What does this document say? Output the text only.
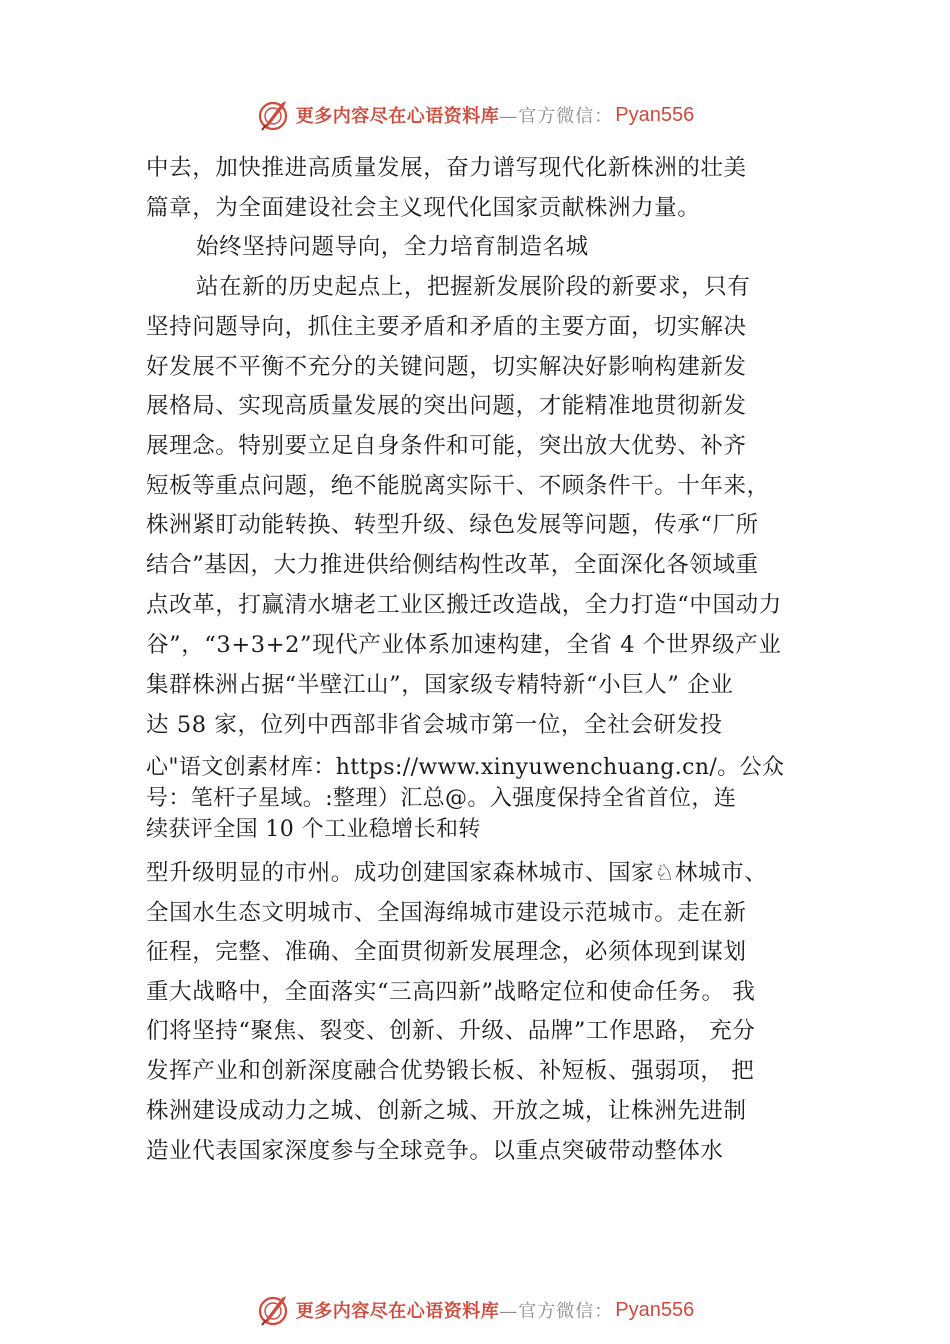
更多内容尽在心语资料库 —官方微信： Pyan556
中去，加快推进高质量发展，奋力谱写现代化新株洲的壮美
篇章，为全面建设社会主义现代化国家贡献株洲力量。
始终坚持问题导向，全力培育制造名城
站在新的历史起点上，把握新发展阶段的新要求，只有
坚持问题导向，抓住主要矛盾和矛盾的主要方面，切实解决
好发展不平衡不充分的关键问题，切实解决好影响构建新发
展格局、实现高质量发展的突出问题，才能精准地贯彻新发
展理念。特别要立足自身条件和可能，突出放大优势、补齐
短板等重点问题，绝不能脱离实际干、不顾条件干。十年来，
株洲紧盯动能转换、转型升级、绿色发展等问题，传承“厂所
结合”基因，大力推进供给侧结构性改革，全面深化各领域重
点改革，打赢清水塘老工业区搬迁改造战，全力打造“中国动力
谷”，“3+3+2”现代产业体系加速构建，全省 4 个世界级产业
集群株洲占据“半壁江山”，国家级专精特新“小巨人” 企业
达 58 家，位列中西部非省会城市第一位，全社会研发投
心"语文创素材库：https://www.xinyuwenchuang.cn/。公众
号：笔杆子星域。:整理）汇总@。入强度保持全省首位，连
续获评全国 10 个工业稳增长和转
型升级明显的市州。成功创建国家森林城市、国家♘林城市、
全国水生态文明城市、全国海绵城市建设示范城市。走在新
征程，完整、准确、全面贯彻新发展理念，必须体现到谋划
重大战略中，全面落实“三高四新”战略定位和使命任务。 我
们将坚持“聚焦、裂变、创新、升级、品牌”工作思路， 充分
发挥产业和创新深度融合优势锻长板、补短板、强弱项， 把
株洲建设成动力之城、创新之城、开放之城，让株洲先进制
造业代表国家深度参与全球竞争。以重点突破带动整体水
更多内容尽在心语资料库 —官方微信： Pyan556
